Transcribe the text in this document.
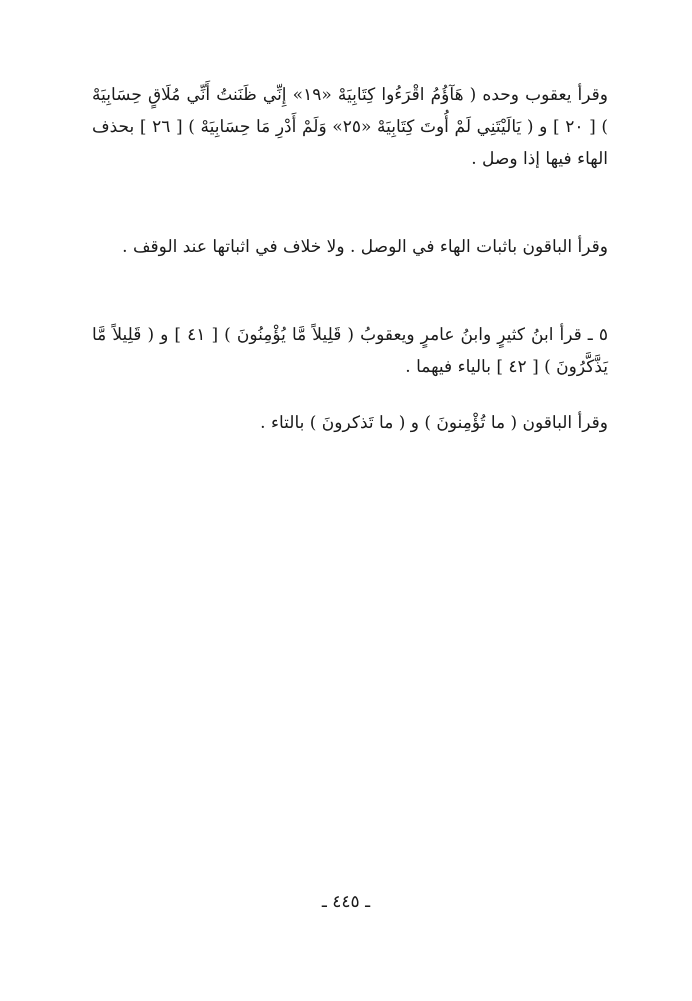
وقرأ يعقوب وحده ( هَآؤُمُ اقْرَءُوا كِتَابِيَهْ «١٩» إِنِّي ظَنَنتُ أَنِّي مُلَاقٍ حِسَابِيَهْ ) [ ٢٠ ] و ( يَالَيْتَنِي لَمْ أُوتَ كِتَابِيَهْ «٢٥» وَلَمْ أَدْرِ مَا حِسَابِيَهْ ) [ ٢٦ ] بحذف الهاء فيها إذا وصل .

وقرأ الباقون باثبات الهاء في الوصل . ولا خلاف في اثباتها عند الوقف .

٥ ـ قرأ ابنُ كثيرٍ وابنُ عامرٍ ويعقوبُ ( قَلِيلاً مَّا يُؤْمِنُونَ ) [ ٤١ ] و ( قَلِيلاً مَّا يَذَّكَّرُونَ ) [ ٤٢ ] بالياء فيهما .

وقرأ الباقون ( ما تُؤْمِنونَ ) و ( ما تَذكرونَ ) بالتاء .

ـ ٤٤٥ ـ
